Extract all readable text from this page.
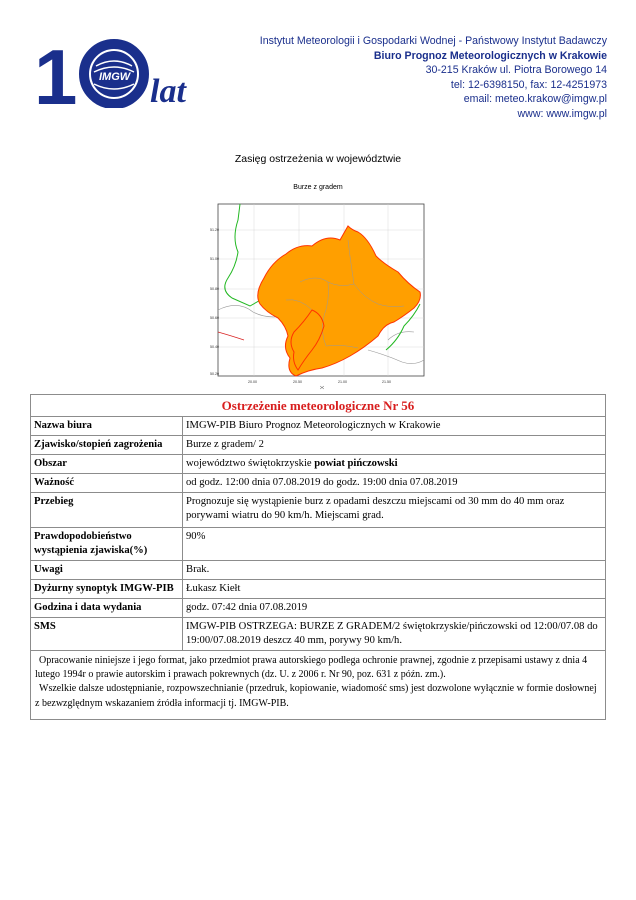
1 IMGW lat
Instytut Meteorologii i Gospodarki Wodnej - Państwowy Instytut Badawczy
Biuro Prognoz Meteorologicznych w Krakowie
30-215 Kraków ul. Piotra Borowego 14
tel: 12-6398150, fax: 12-4251973
email: meteo.krakow@imgw.pl
www: www.imgw.pl
Zasięg ostrzeżenia w województwie
Burze z gradem
51.20
51.00
50.80
50.60
50.40
50.20
20.00	20.50	21.00	21.50
Ostrzeżenie meteorologiczne Nr 56	
Nazwa biura	IMGW-PIB Biuro Prognoz Meteorologicznych w Krakowie
Zjawisko/stopień zagrożenia	Burze z gradem/ 2
Obszar	województwo świętokrzyskie powiat pińczowski
Ważność	od godz. 12:00 dnia 07.08.2019 do godz. 19:00 dnia 07.08.2019
Przebieg	Prognozuje się wystąpienie burz z opadami deszczu miejscami od 30 mm do 40 mm oraz porywami wiatru do 90 km/h. Miejscami grad.
Prawdopodobieństwo wystąpienia zjawiska(%)	90%
Uwagi	Brak.
Dyżurny synoptyk IMGW-PIB	Łukasz Kiełt
Godzina i data wydania	godz. 07:42 dnia 07.08.2019
SMS	IMGW-PIB OSTRZEGA: BURZE Z GRADEM/2 świętokrzyskie/pińczowski od 12:00/07.08 do 19:00/07.08.2019 deszcz 40 mm, porywy 90 km/h.

Opracowanie niniejsze i jego format, jako przedmiot prawa autorskiego podlega ochronie prawnej, zgodnie z przepisami ustawy z dnia 4 lutego 1994r o prawie autorskim i prawach pokrewnych (dz. U. z 2006 r. Nr 90, poz. 631 z późn. zm.).

Wszelkie dalsze udostępnianie, rozpowszechnianie (przedruk, kopiowanie, wiadomość sms) jest dozwolone wyłącznie w formie dosłownej z bezwzględnym wskazaniem źródła informacji tj. IMGW-PIB.	
